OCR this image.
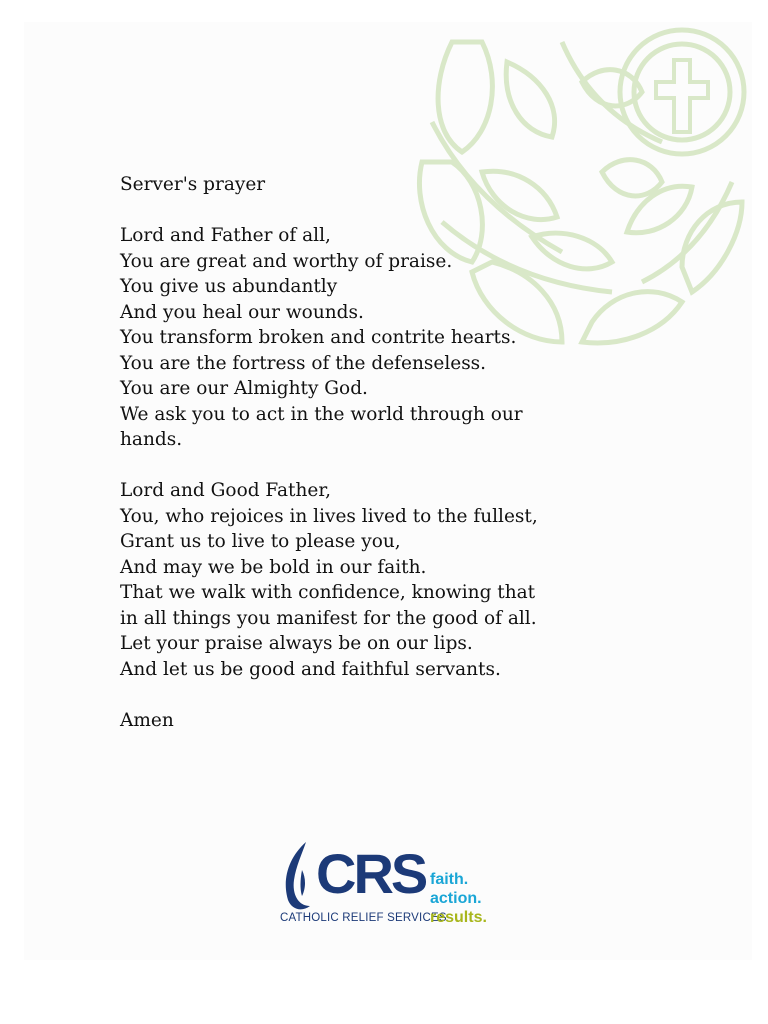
Server's prayer
Lord and Father of all,
You are great and worthy of praise.
You give us abundantly
And you heal our wounds.
You transform broken and contrite hearts.
You are the fortress of the defenseless.
You are our Almighty God.
We ask you to act in the world through our
hands.
Lord and Good Father,
You, who rejoices in lives lived to the fullest,
Grant us to live to please you,
And may we be bold in our faith.
That we walk with confidence, knowing that
in all things you manifest for the good of all.
Let your praise always be on our lips.
And let us be good and faithful servants.
Amen
CRS
CATHOLIC RELIEF SERVICES
faith.
action.
results.
